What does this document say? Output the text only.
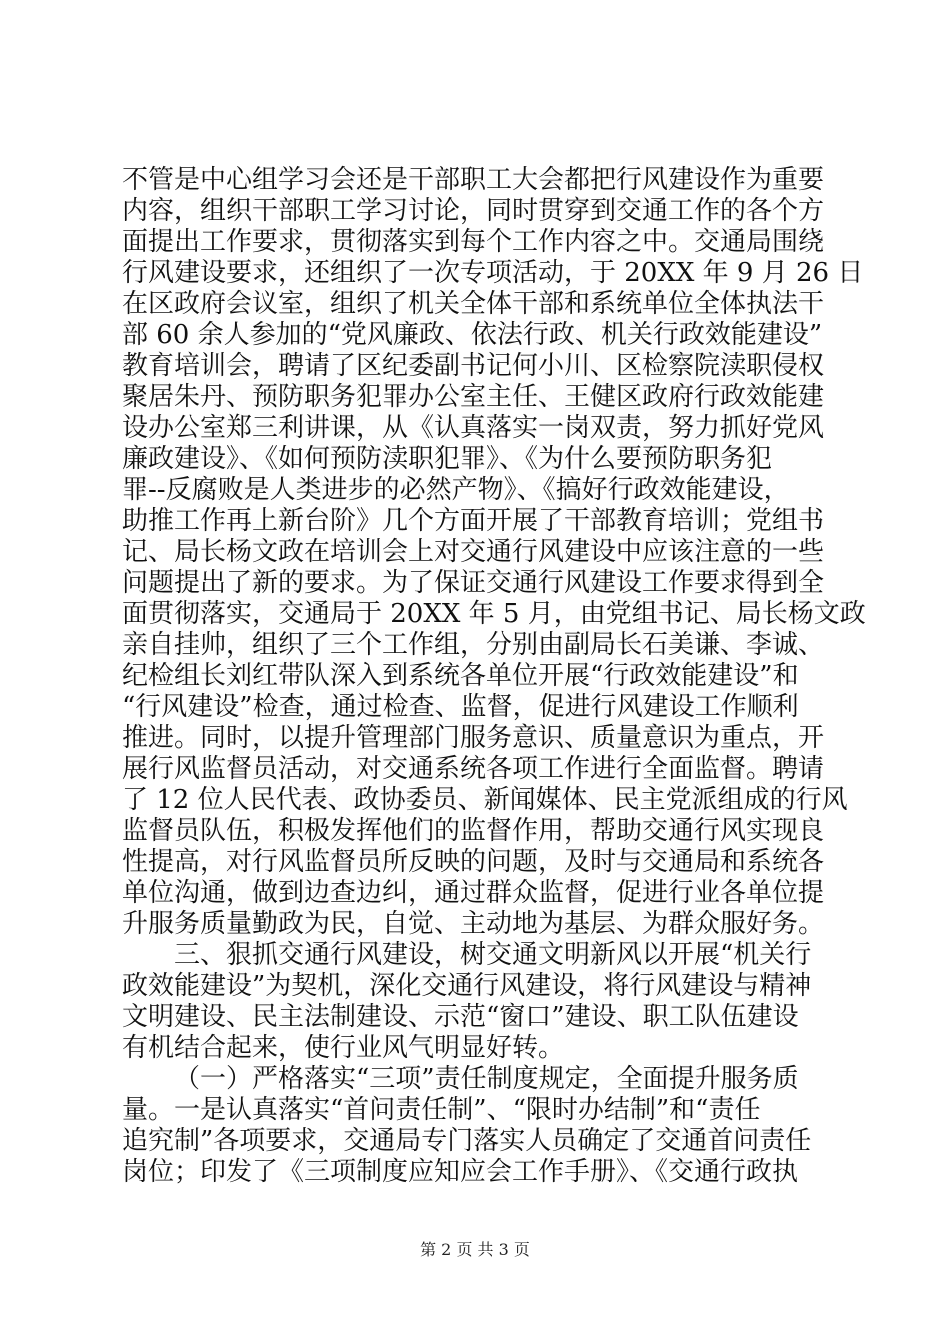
不管是中心组学习会还是干部职工大会都把行风建设作为重要
内容，组织干部职工学习讨论，同时贯穿到交通工作的各个方
面提出工作要求，贯彻落实到每个工作内容之中。交通局围绕
行风建设要求，还组织了一次专项活动，于 20XX 年 9 月 26 日
在区政府会议室，组织了机关全体干部和系统单位全体执法干
部 60 余人参加的“党风廉政、依法行政、机关行政效能建设”
教育培训会，聘请了区纪委副书记何小川、区检察院渎职侵权
聚居朱丹、预防职务犯罪办公室主任、王健区政府行政效能建
设办公室郑三利讲课，从《认真落实一岗双责，努力抓好党风
廉政建设》、《如何预防渎职犯罪》、《为什么要预防职务犯
罪--反腐败是人类进步的必然产物》、《搞好行政效能建设，
助推工作再上新台阶》几个方面开展了干部教育培训；党组书
记、局长杨文政在培训会上对交通行风建设中应该注意的一些
问题提出了新的要求。为了保证交通行风建设工作要求得到全
面贯彻落实，交通局于 20XX 年 5 月，由党组书记、局长杨文政
亲自挂帅，组织了三个工作组，分别由副局长石美谦、李诚、
纪检组长刘红带队深入到系统各单位开展“行政效能建设”和
“行风建设”检查，通过检查、监督，促进行风建设工作顺利
推进。同时，以提升管理部门服务意识、质量意识为重点，开
展行风监督员活动，对交通系统各项工作进行全面监督。聘请
了 12 位人民代表、政协委员、新闻媒体、民主党派组成的行风
监督员队伍，积极发挥他们的监督作用，帮助交通行风实现良
性提高，对行风监督员所反映的问题，及时与交通局和系统各
单位沟通，做到边查边纠，通过群众监督，促进行业各单位提
升服务质量勤政为民，自觉、主动地为基层、为群众服好务。
三、狠抓交通行风建设，树交通文明新风以开展“机关行
政效能建设”为契机，深化交通行风建设，将行风建设与精神
文明建设、民主法制建设、示范“窗口”建设、职工队伍建设
有机结合起来，使行业风气明显好转。
（一）严格落实“三项”责任制度规定，全面提升服务质
量。一是认真落实“首问责任制”、“限时办结制”和“责任
追究制”各项要求，交通局专门落实人员确定了交通首问责任
岗位；印发了《三项制度应知应会工作手册》、《交通行政执
第 2 页 共 3 页
